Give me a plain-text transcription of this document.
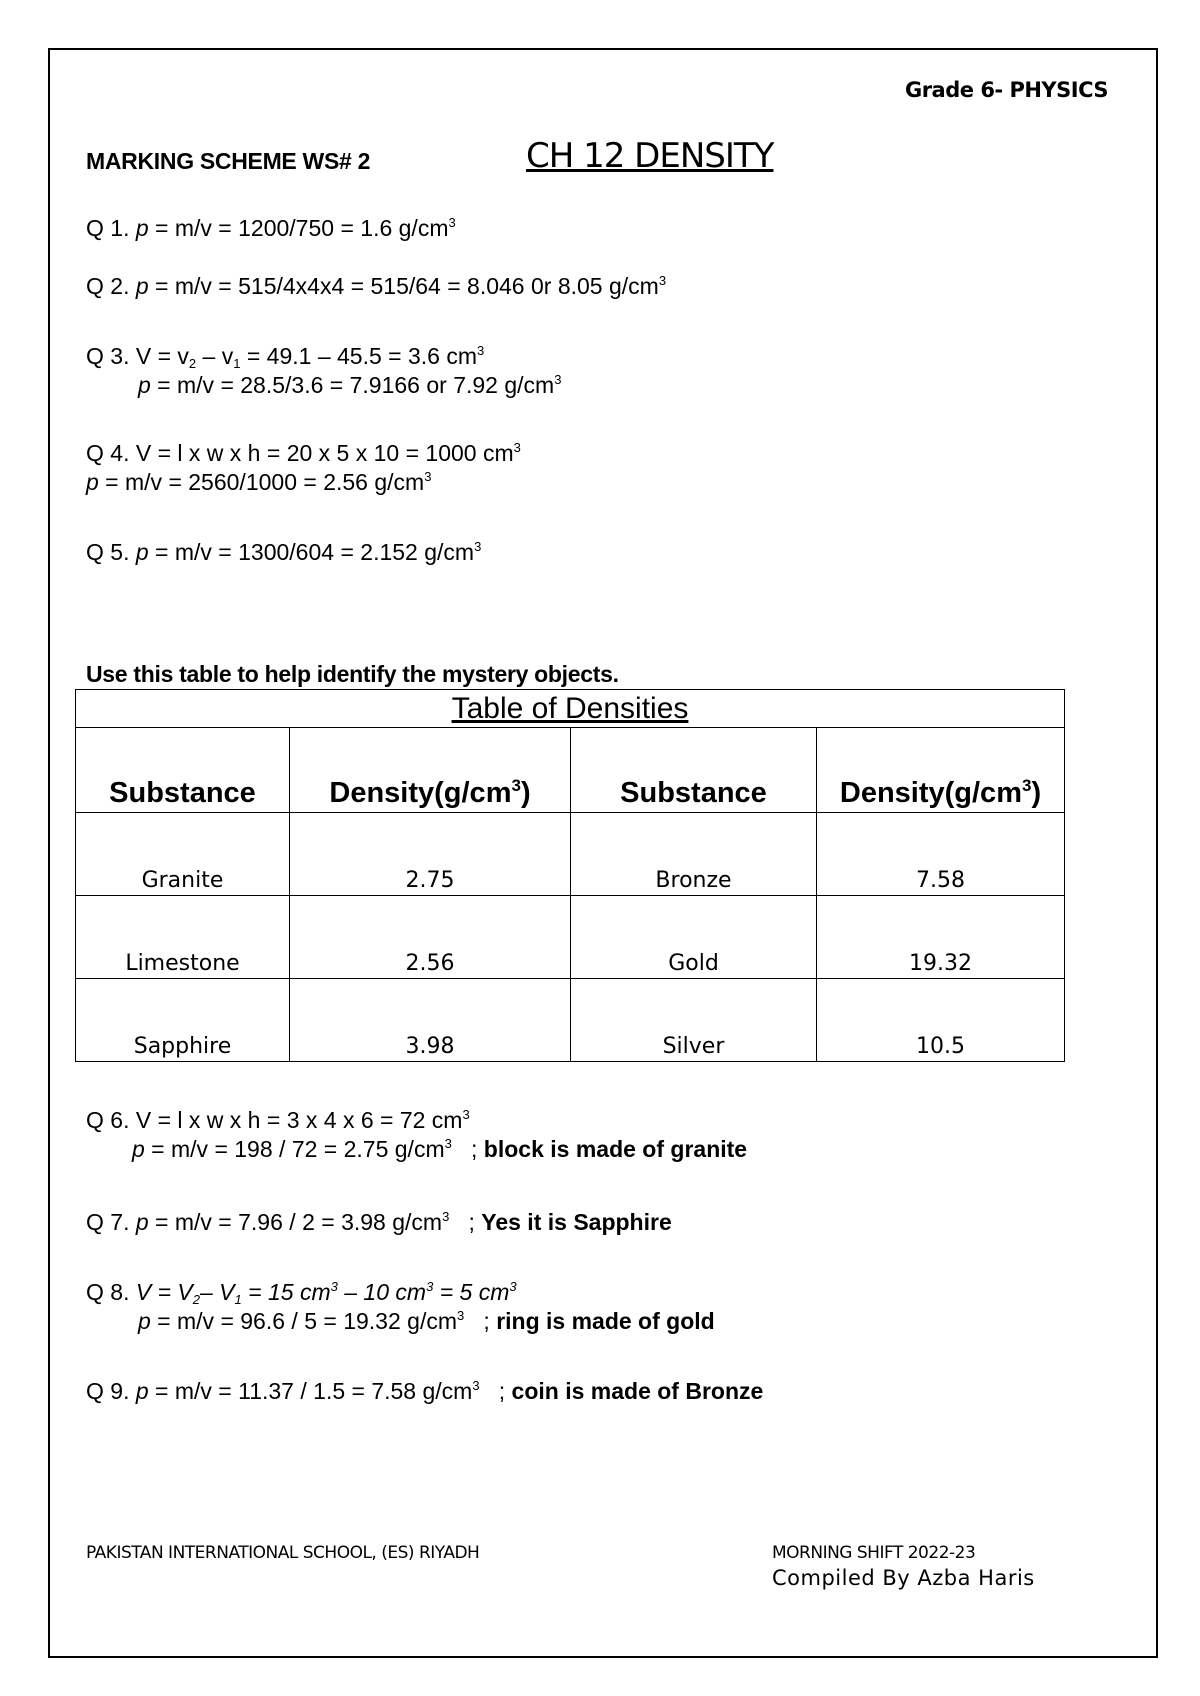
Grade 6- PHYSICS
MARKING SCHEME WS# 2	CH 12 DENSITY
Q 1. p = m/v = 1200/750 = 1.6 $g/cm^3$
Q 2. p = m/v = 515/4x4x4 = 515/64 = 8.046 0r 8.05 $g/cm^3$
Q 3. $V = v_2 - v_1 = 49.1 - 45.5 = 3.6$ $cm^3$
p = m/v = 28.5/3.6 = 7.9166 or 7.92 $g/cm^3$
Q 4. V = l x w x h = 20 x 5 x 10 = 1000 $cm^3$
p = m/v = 2560/1000 = 2.56 $g/cm^3$
Q 5. p = m/v = 1300/604 = 2.152 $g/cm^3$
Use this table to help identify the mystery objects.
Table of Densities			
Substance	$Density(g/cm^3)$	Substance	$Density(g/cm^3)$
Granite	2.75	Bronze	7.58
Limestone	2.56	Gold	19.32
Sapphire	3.98	Silver	10.5
Q 6. V = l x w x h = 3 x 4 x 6 = 72 $cm^3$
p = m/v = 198 / 72 = 2.75 $g/cm^3$   ; block is made of granite
Q 7. p = m/v = 7.96 / 2 = 3.98 $g/cm^3$   ; Yes it is Sapphire
Q 8. $V = V_2-$ $V_1 = 15$ $cm^3 - 10$ $cm^3 = 5$ $cm^3$
p = m/v = 96.6 / 5 = 19.32 $g/cm^3$   ; ring is made of gold
Q 9. p = m/v = 11.37 / 1.5 = 7.58 $g/cm^3$   ; coin is made of Bronze
PAKISTAN INTERNATIONAL SCHOOL, (ES) RIYADH	MORNING SHIFT 2022-23
Compiled By Azba Haris
